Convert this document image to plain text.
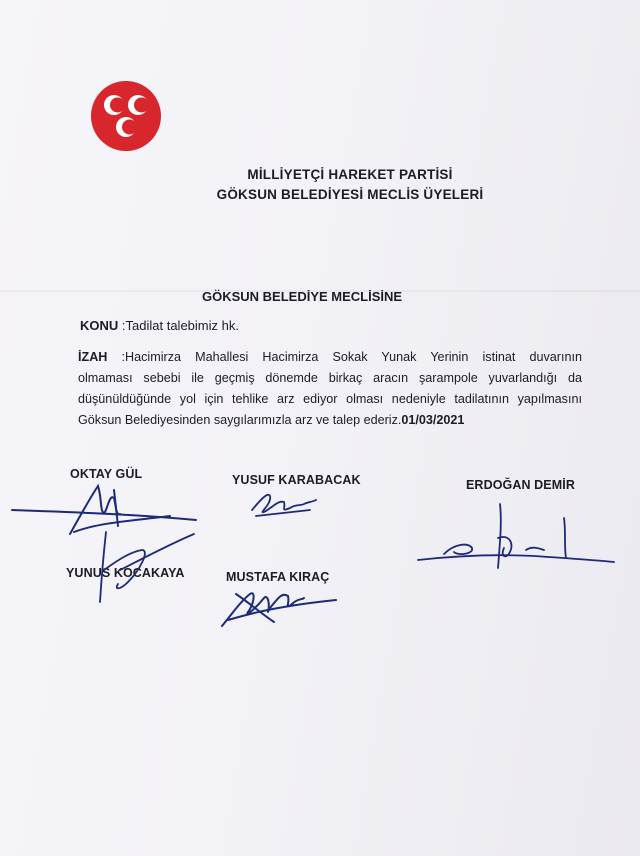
MİLLİYETÇİ HAREKET PARTİSİ
GÖKSUN BELEDİYESİ MECLİS ÜYELERİ
GÖKSUN BELEDİYE MECLİSİNE
KONU :Tadilat talebimiz hk.
İZAH :Hacimirza Mahallesi Hacimirza Sokak Yunak Yerinin istinat duvarının
olmaması sebebi ile geçmiş dönemde birkaç aracın şarampole yuvarlandığı da
düşünüldüğünde yol için tehlike arz ediyor olması nedeniyle tadilatının yapılmasını
Göksun Belediyesinden saygılarımızla arz ve talep ederiz.01/03/2021
OKTAY GÜL	YUSUF KARABACAK	ERDOĞAN DEMİR
YUNUS KOCAKAYA	MUSTAFA KIRAÇ
